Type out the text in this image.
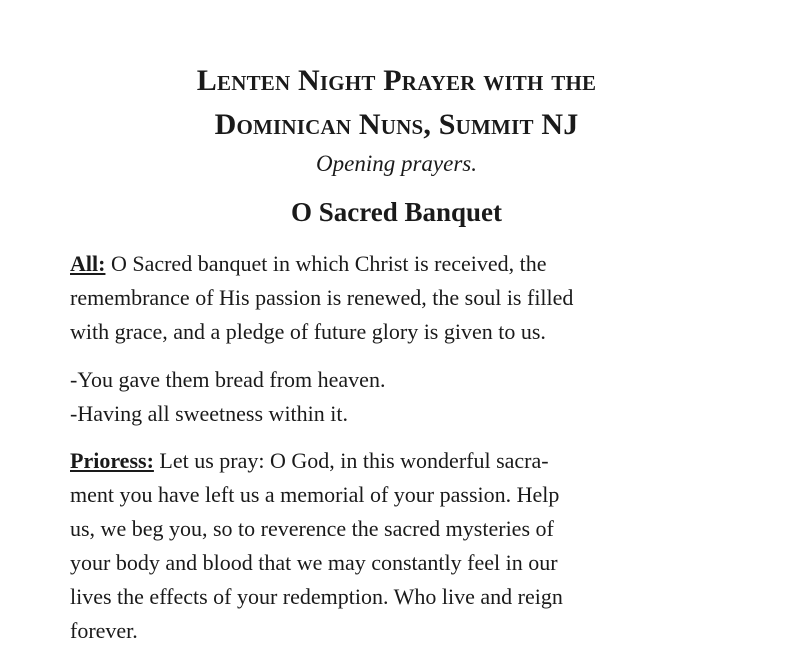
Lenten Night Prayer with the
Dominican Nuns, Summit NJ
Opening prayers.
O Sacred Banquet
All: O Sacred banquet in which Christ is received, the
remembrance of His passion is renewed, the soul is filled
with grace, and a pledge of future glory is given to us.
-You gave them bread from heaven.
-Having all sweetness within it.
Prioress: Let us pray: O God, in this wonderful sacra-
ment you have left us a memorial of your passion. Help
us, we beg you, so to reverence the sacred mysteries of
your body and blood that we may constantly feel in our
lives the effects of your redemption. Who live and reign
forever.
